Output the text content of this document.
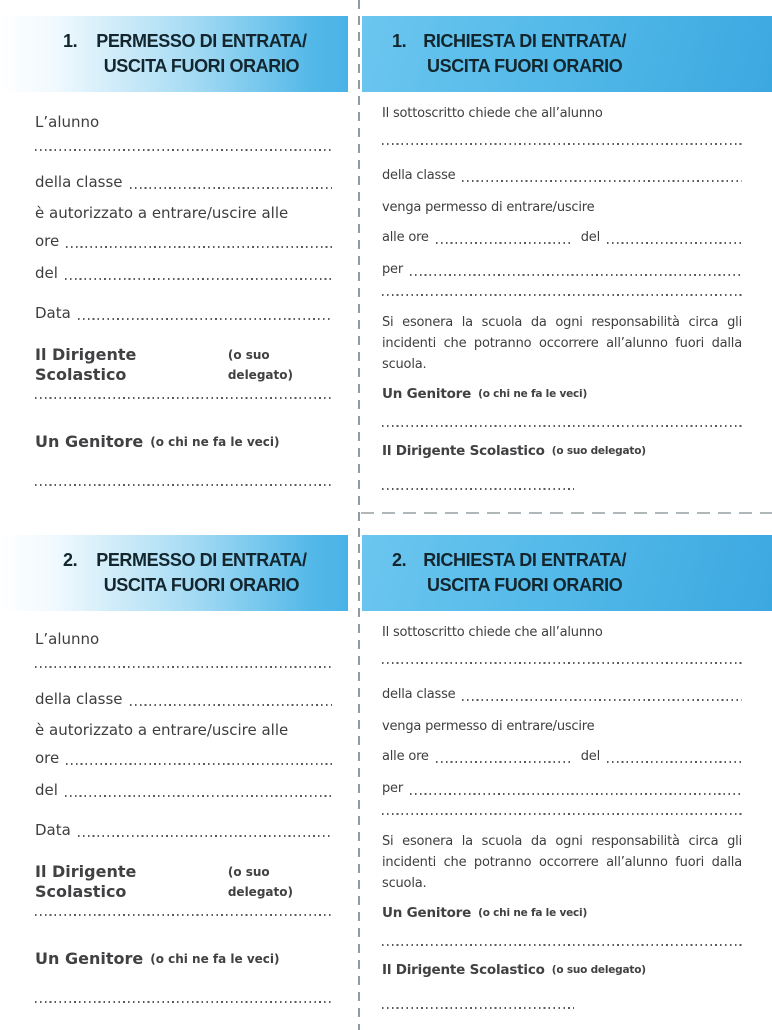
1. PERMESSO DI ENTRATA/
USCITA FUORI ORARIO
1. RICHIESTA DI ENTRATA/
USCITA FUORI ORARIO
2. PERMESSO DI ENTRATA/
USCITA FUORI ORARIO
2. RICHIESTA DI ENTRATA/
USCITA FUORI ORARIO
L’alunno
della classe
è autorizzato a entrare/uscire alle
ore
del
Data
Il Dirigente Scolastico
(o suo delegato)
Un Genitore (o chi ne fa le veci)
Il sottoscritto chiede che all’alunno
della classe
venga permesso di entrare/uscire
alle ore	del
per
Si esonera la scuola da ogni responsabilità circa gli incidenti che potranno occorrere all’alunno fuori dalla scuola.
Un Genitore (o chi ne fa le veci)
Il Dirigente Scolastico (o suo delegato)
L’alunno
della classe
è autorizzato a entrare/uscire alle
ore
del
Data
Il Dirigente Scolastico
(o suo delegato)
Un Genitore (o chi ne fa le veci)
Il sottoscritto chiede che all’alunno
della classe
venga permesso di entrare/uscire
alle ore	del
per
Si esonera la scuola da ogni responsabilità circa gli incidenti che potranno occorrere all’alunno fuori dalla scuola.
Un Genitore (o chi ne fa le veci)
Il Dirigente Scolastico (o suo delegato)
